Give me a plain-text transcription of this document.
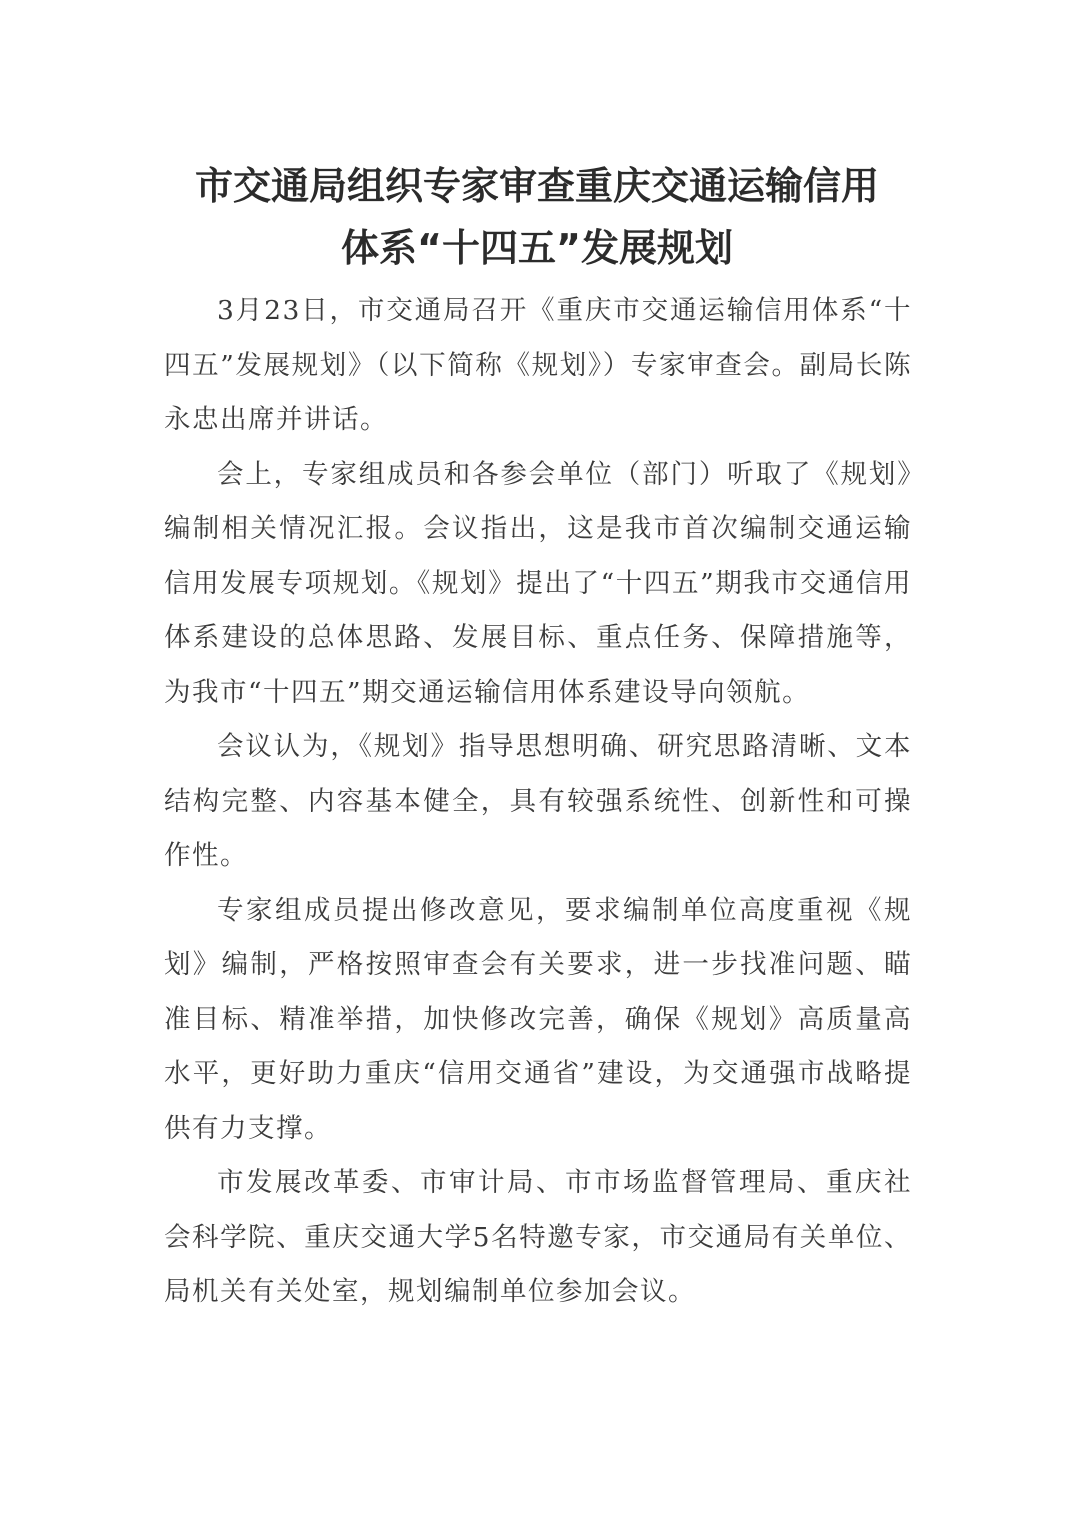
市交通局组织专家审查重庆交通运输信用
体系“十四五”发展规划

3月23日，市交通局召开《重庆市交通运输信用体系“十四五”发展规划》（以下简称《规划》）专家审查会。副局长陈永忠出席并讲话。

会上，专家组成员和各参会单位（部门）听取了《规划》编制相关情况汇报。会议指出，这是我市首次编制交通运输信用发展专项规划。《规划》提出了“十四五”期我市交通信用体系建设的总体思路、发展目标、重点任务、保障措施等，为我市“十四五”期交通运输信用体系建设导向领航。

会议认为，《规划》指导思想明确、研究思路清晰、文本结构完整、内容基本健全，具有较强系统性、创新性和可操作性。

专家组成员提出修改意见，要求编制单位高度重视《规划》编制，严格按照审查会有关要求，进一步找准问题、瞄准目标、精准举措，加快修改完善，确保《规划》高质量高水平，更好助力重庆“信用交通省”建设，为交通强市战略提供有力支撑。

市发展改革委、市审计局、市市场监督管理局、重庆社会科学院、重庆交通大学5名特邀专家，市交通局有关单位、局机关有关处室，规划编制单位参加会议。
